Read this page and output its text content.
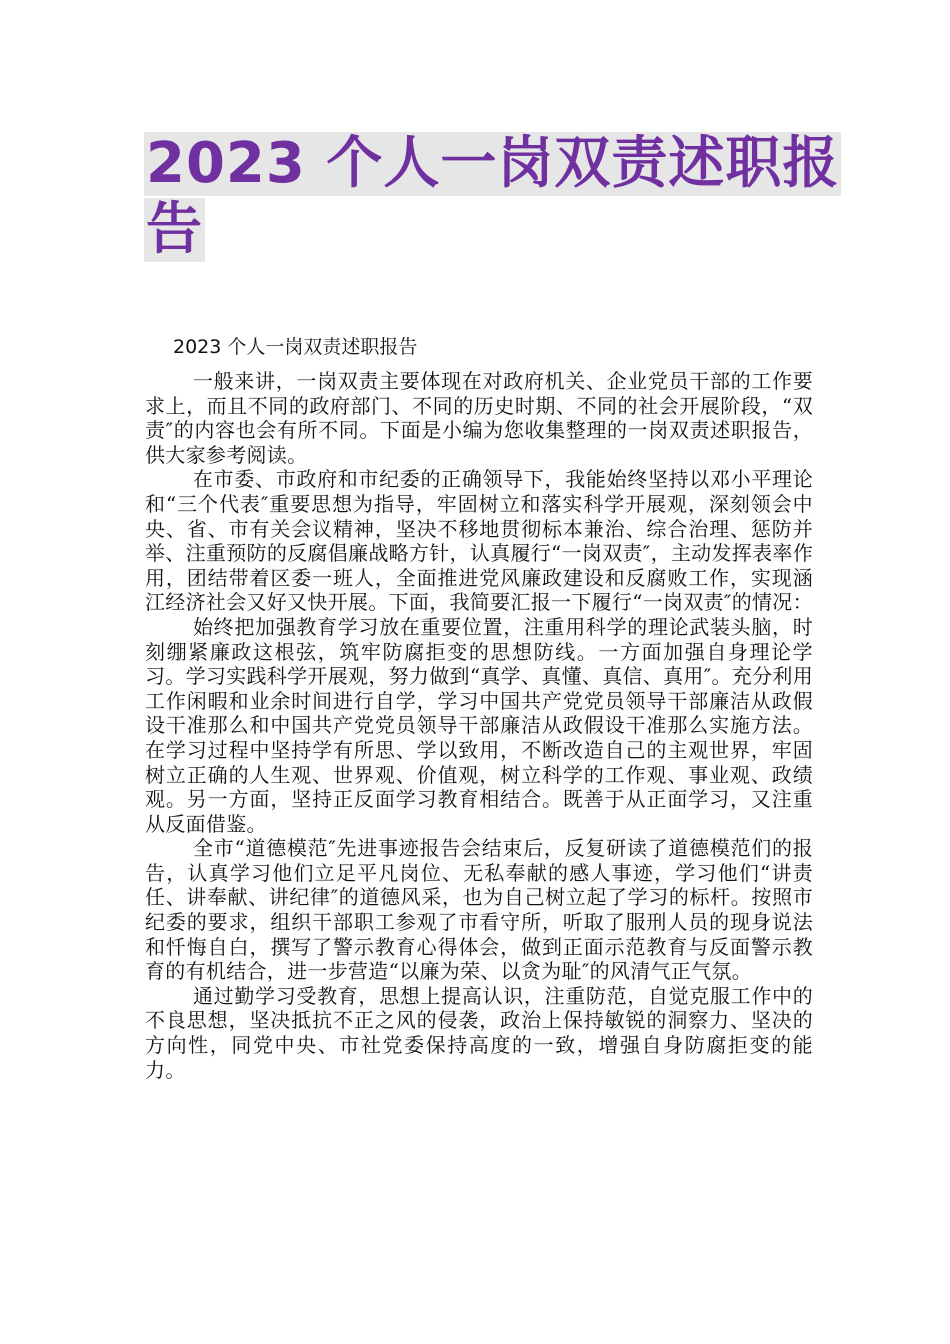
2023 个人一岗双责述职报
告

2023 个人一岗双责述职报告

一般来讲，一岗双责主要体现在对政府机关、企业党员干部的工作要求上，而且不同的政府部门、不同的历史时期、不同的社会开展阶段，“双责″的内容也会有所不同。下面是小编为您收集整理的一岗双责述职报告，供大家参考阅读。

在市委、市政府和市纪委的正确领导下，我能始终坚持以邓小平理论和“三个代表″重要思想为指导，牢固树立和落实科学开展观，深刻领会中央、省、市有关会议精神，坚决不移地贯彻标本兼治、综合治理、惩防并举、注重预防的反腐倡廉战略方针，认真履行“一岗双责″，主动发挥表率作用，团结带着区委一班人，全面推进党风廉政建设和反腐败工作，实现涵江经济社会又好又快开展。下面，我简要汇报一下履行“一岗双责″的情况：

始终把加强教育学习放在重要位置，注重用科学的理论武装头脑，时刻绷紧廉政这根弦，筑牢防腐拒变的思想防线。一方面加强自身理论学习。学习实践科学开展观，努力做到“真学、真懂、真信、真用″。充分利用工作闲暇和业余时间进行自学，学习中国共产党党员领导干部廉洁从政假设干准那么和中国共产党党员领导干部廉洁从政假设干准那么实施方法。在学习过程中坚持学有所思、学以致用，不断改造自己的主观世界，牢固树立正确的人生观、世界观、价值观，树立科学的工作观、事业观、政绩观。另一方面，坚持正反面学习教育相结合。既善于从正面学习，又注重从反面借鉴。

全市“道德模范″先进事迹报告会结束后，反复研读了道德模范们的报告，认真学习他们立足平凡岗位、无私奉献的感人事迹，学习他们“讲责任、讲奉献、讲纪律″的道德风采，也为自己树立起了学习的标杆。按照市纪委的要求，组织干部职工参观了市看守所，听取了服刑人员的现身说法和忏悔自白，撰写了警示教育心得体会，做到正面示范教育与反面警示教育的有机结合，进一步营造“以廉为荣、以贪为耻″的风清气正气氛。

通过勤学习受教育，思想上提高认识，注重防范，自觉克服工作中的不良思想，坚决抵抗不正之风的侵袭，政治上保持敏锐的洞察力、坚决的方向性，同党中央、市社党委保持高度的一致，增强自身防腐拒变的能力。
